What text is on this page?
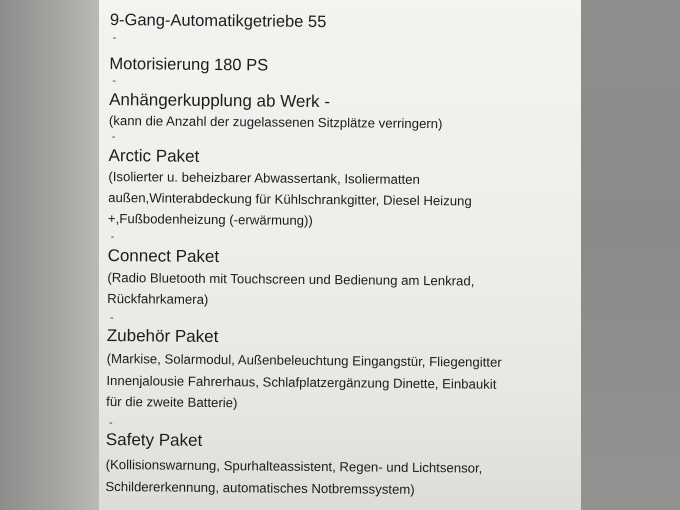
9-Gang-Automatikgetriebe 55
-
Motorisierung 180 PS
-
Anhängerkupplung ab Werk -
(kann die Anzahl der zugelassenen Sitzplätze verringern)
-
Arctic Paket
(Isolierter u. beheizbarer Abwassertank, Isoliermatten
außen,Winterabdeckung für Kühlschrankgitter, Diesel Heizung
+,Fußbodenheizung (-erwärmung))
-
Connect Paket
(Radio Bluetooth mit Touchscreen und Bedienung am Lenkrad,
Rückfahrkamera)
-
Zubehör Paket
(Markise, Solarmodul, Außenbeleuchtung Eingangstür, Fliegengitter
Innenjalousie Fahrerhaus, Schlafplatzergänzung Dinette, Einbaukit
für die zweite Batterie)
-
Safety Paket
(Kollisionswarnung, Spurhalteassistent, Regen- und Lichtsensor,
Schildererkennung, automatisches Notbremssystem)
